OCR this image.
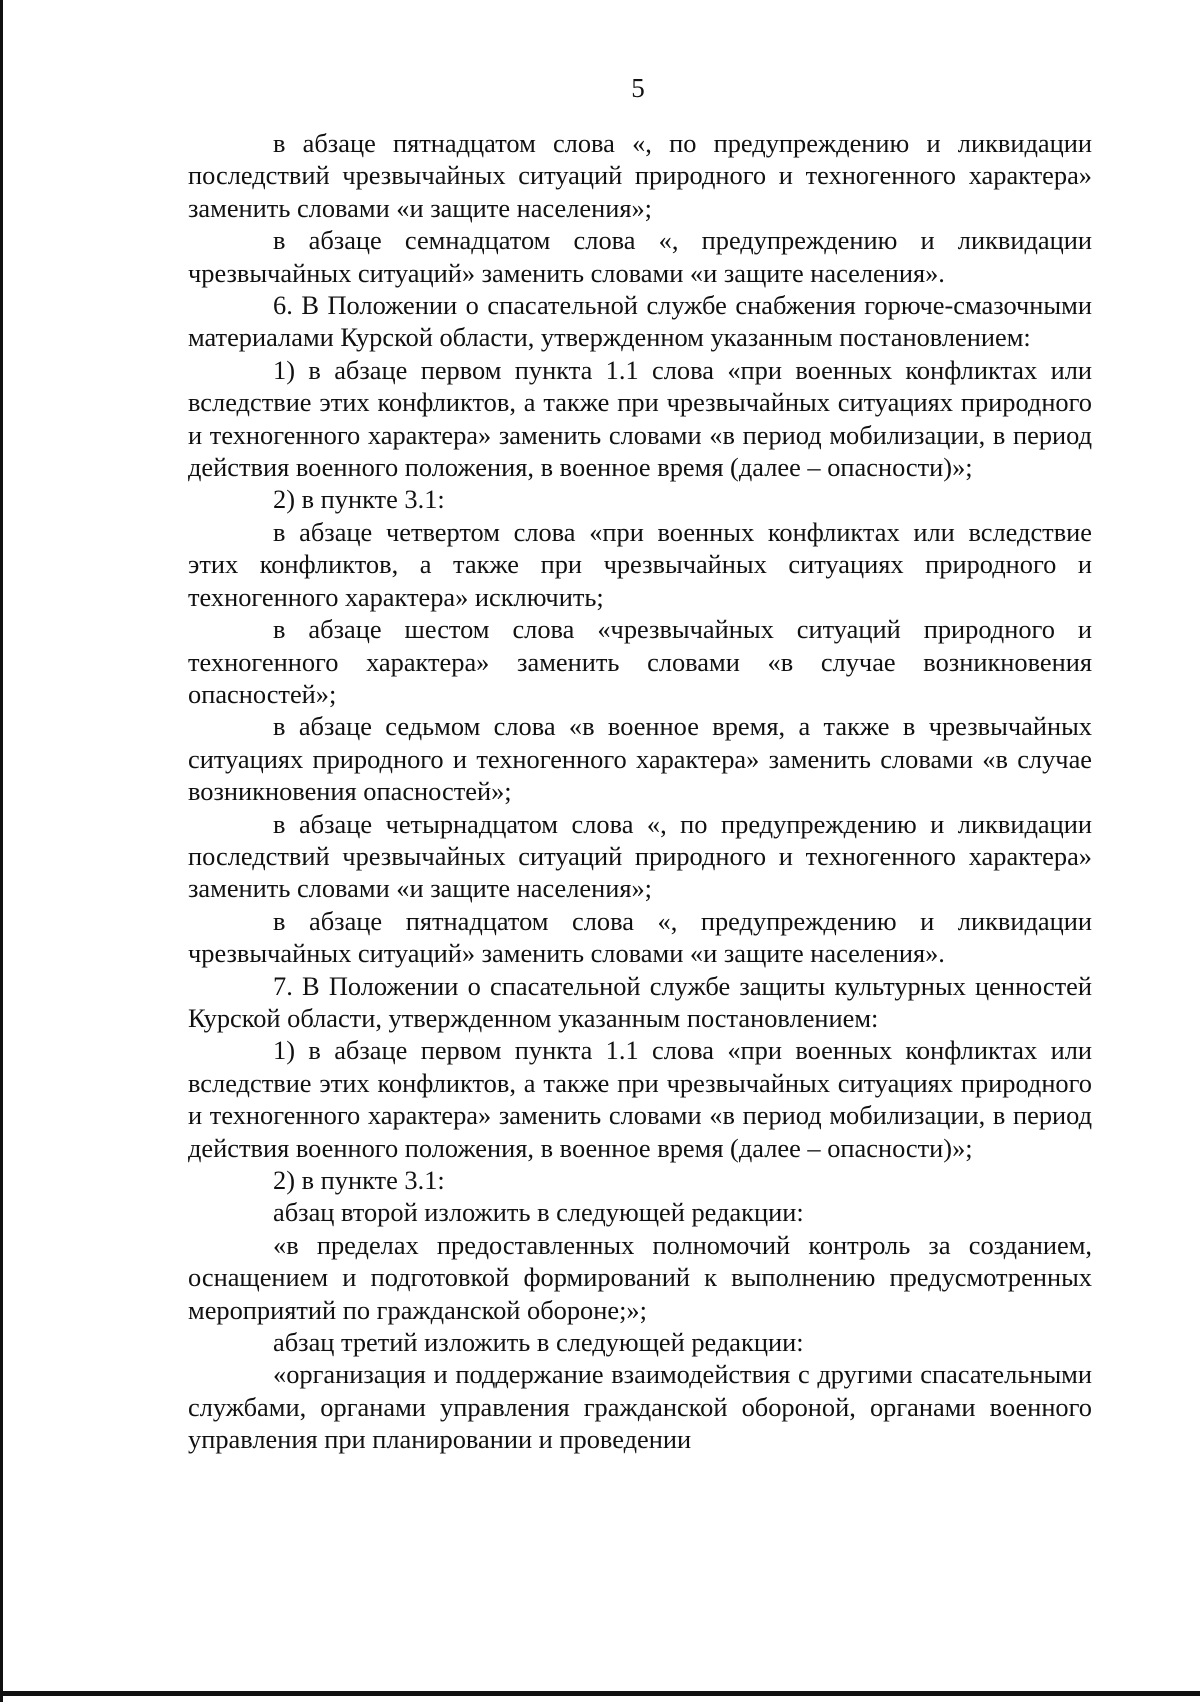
5

в абзаце пятнадцатом слова «, по предупреждению и ликвидации последствий чрезвычайных ситуаций природного и техногенного характера» заменить словами «и защите населения»;

в абзаце семнадцатом слова «, предупреждению и ликвидации чрезвычайных ситуаций» заменить словами «и защите населения».

6. В Положении о спасательной службе снабжения горюче-смазочными материалами Курской области, утвержденном указанным постановлением:

1) в абзаце первом пункта 1.1 слова «при военных конфликтах или вследствие этих конфликтов, а также при чрезвычайных ситуациях природного и техногенного характера» заменить словами «в период мобилизации, в период действия военного положения, в военное время (далее – опасности)»;

2) в пункте 3.1:

в абзаце четвертом слова «при военных конфликтах или вследствие этих конфликтов, а также при чрезвычайных ситуациях природного и техногенного характера» исключить;

в абзаце шестом слова «чрезвычайных ситуаций природного и техногенного характера» заменить словами «в случае возникновения опасностей»;

в абзаце седьмом слова «в военное время, а также в чрезвычайных ситуациях природного и техногенного характера» заменить словами «в случае возникновения опасностей»;

в абзаце четырнадцатом слова «, по предупреждению и ликвидации последствий чрезвычайных ситуаций природного и техногенного характера» заменить словами «и защите населения»;

в абзаце пятнадцатом слова «, предупреждению и ликвидации чрезвычайных ситуаций» заменить словами «и защите населения».

7. В Положении о спасательной службе защиты культурных ценностей Курской области, утвержденном указанным постановлением:

1) в абзаце первом пункта 1.1 слова «при военных конфликтах или вследствие этих конфликтов, а также при чрезвычайных ситуациях природного и техногенного характера» заменить словами «в период мобилизации, в период действия военного положения, в военное время (далее – опасности)»;

2) в пункте 3.1:

абзац второй изложить в следующей редакции:

«в пределах предоставленных полномочий контроль за созданием, оснащением и подготовкой формирований к выполнению предусмотренных мероприятий по гражданской обороне;»;

абзац третий изложить в следующей редакции:

«организация и поддержание взаимодействия с другими спасательными службами, органами управления гражданской обороной, органами военного управления при планировании и проведении
